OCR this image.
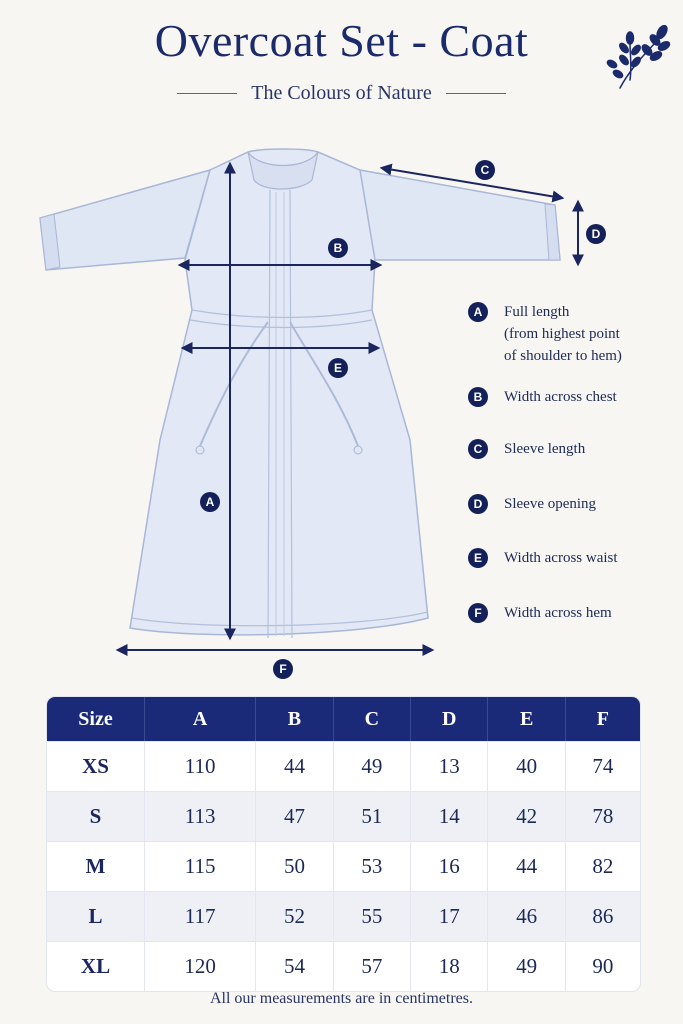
Overcoat Set - Coat
The Colours of Nature
A
B
C
D
E
F
A	Full length
(from highest point
of shoulder to hem)
B	Width across chest
C	Sleeve length
D	Sleeve opening
E	Width across waist
F	Width across hem
Size	A	B	C	D	E	F
XS	110	44	49	13	40	74
S	113	47	51	14	42	78
M	115	50	53	16	44	82
L	117	52	55	17	46	86
XL	120	54	57	18	49	90
All our measurements are in centimetres.
